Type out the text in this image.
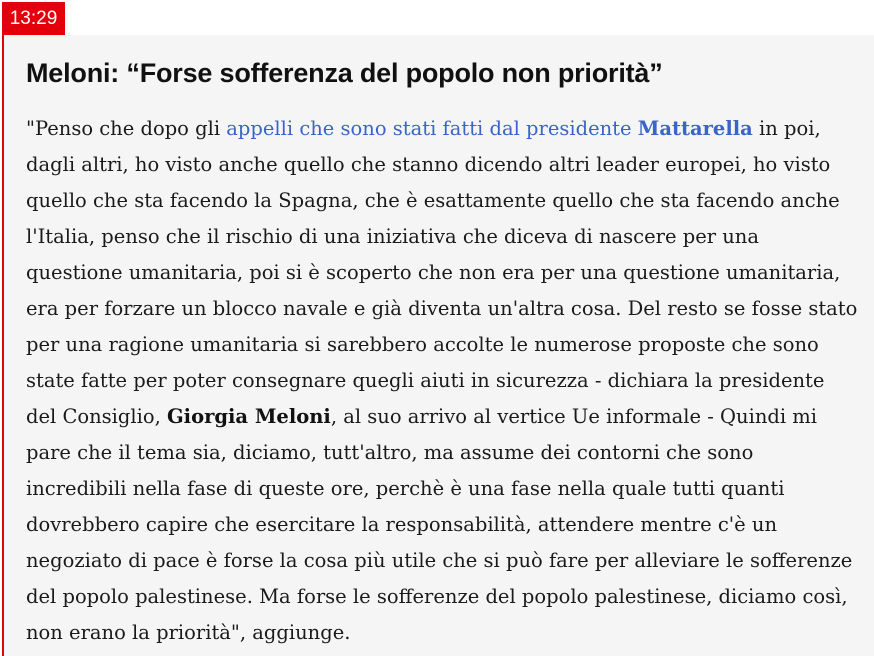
13:29
Meloni: “Forse sofferenza del popolo non priorità”

"Penso che dopo gli appelli che sono stati fatti dal presidente Mattarella in poi,
dagli altri, ho visto anche quello che stanno dicendo altri leader europei, ho visto
quello che sta facendo la Spagna, che è esattamente quello che sta facendo anche
l'Italia, penso che il rischio di una iniziativa che diceva di nascere per una
questione umanitaria, poi si è scoperto che non era per una questione umanitaria,
era per forzare un blocco navale e già diventa un'altra cosa. Del resto se fosse stato
per una ragione umanitaria si sarebbero accolte le numerose proposte che sono
state fatte per poter consegnare quegli aiuti in sicurezza - dichiara la presidente
del Consiglio, Giorgia Meloni, al suo arrivo al vertice Ue informale - Quindi mi
pare che il tema sia, diciamo, tutt'altro, ma assume dei contorni che sono
incredibili nella fase di queste ore, perchè è una fase nella quale tutti quanti
dovrebbero capire che esercitare la responsabilità, attendere mentre c'è un
negoziato di pace è forse la cosa più utile che si può fare per alleviare le sofferenze
del popolo palestinese. Ma forse le sofferenze del popolo palestinese, diciamo così,
non erano la priorità", aggiunge.
